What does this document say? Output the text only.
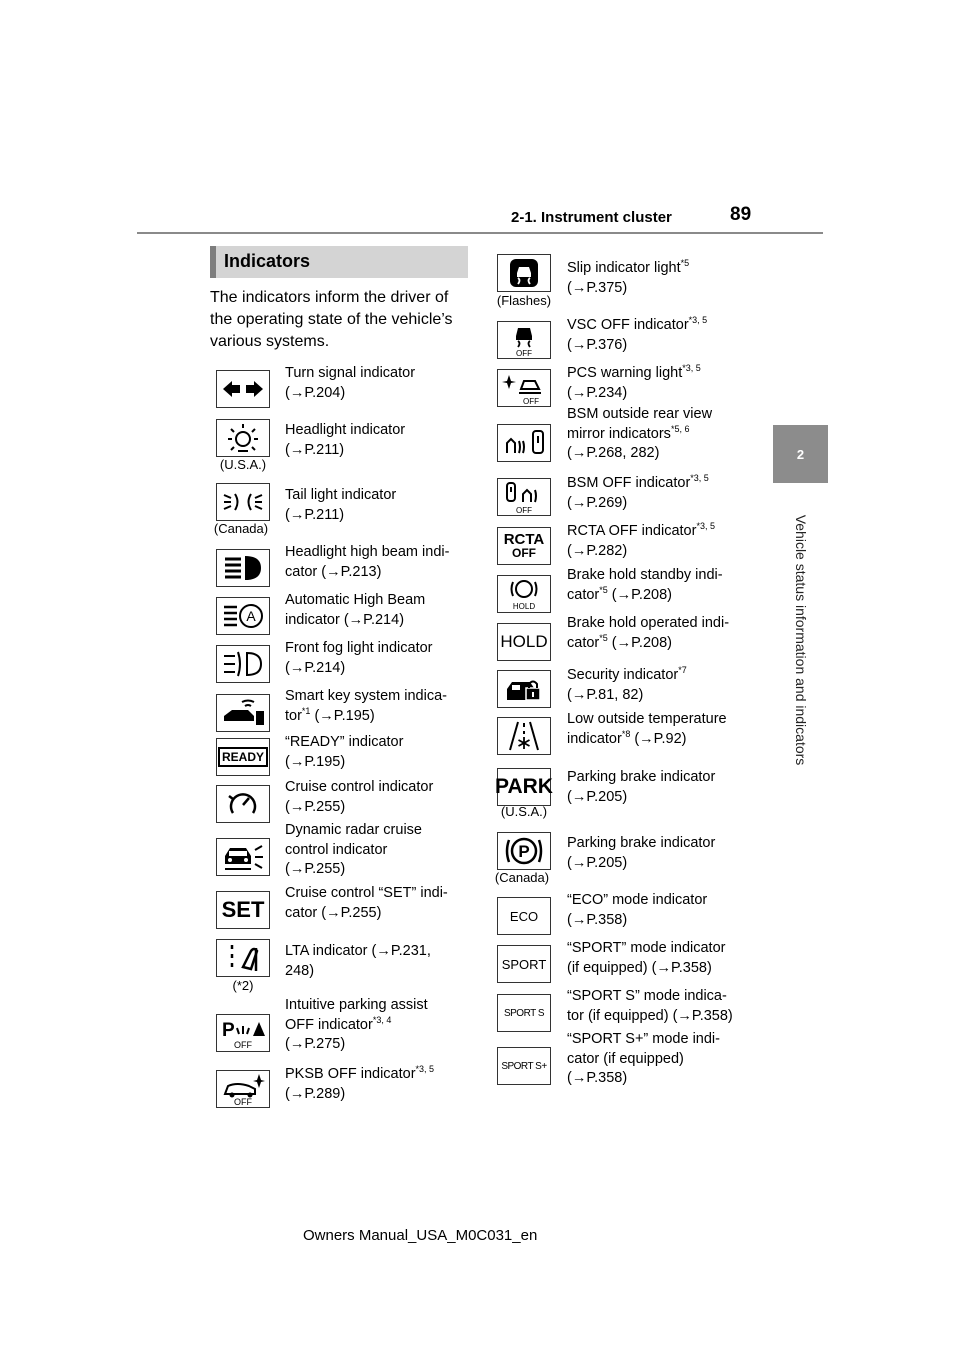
2-1. Instrument cluster	89
2
Vehicle status information and indicators
Indicators
The indicators inform the driver of the operating state of the vehicle’s various systems.
Turn signal indicator
(→P.204)
(U.S.A.)
Headlight indicator
(→P.211)
(Canada)
Tail light indicator
(→P.211)
Headlight high beam indi-
cator (→P.213)
A
Automatic High Beam
indicator (→P.214)
Front fog light indicator
(→P.214)
Smart key system indica-
tor$^{*1}$ (→P.195)
READY
“READY” indicator
(→P.195)
Cruise control indicator
(→P.255)
Dynamic radar cruise
control indicator
(→P.255)
SET
Cruise control “SET” indi-
cator (→P.255)
(*2)
LTA indicator (→P.231,
248)
P
OFF
Intuitive parking assist
OFF indicator$^{*3, 4}$
(→P.275)
OFF
PKSB OFF indicator$^{*3, 5}$
(→P.289)
(Flashes)
Slip indicator light$^{*5}$
(→P.375)
OFF
VSC OFF indicator$^{*3, 5}$
(→P.376)
OFF
PCS warning light$^{*3, 5}$
(→P.234)
BSM outside rear view
mirror indicators$^{*5, 6}$
(→P.268, 282)
OFF
BSM OFF indicator$^{*3, 5}$
(→P.269)
RCTA
OFF
RCTA OFF indicator$^{*3, 5}$
(→P.282)
HOLD
Brake hold standby indi-
cator$^{*5}$ (→P.208)
HOLD
Brake hold operated indi-
cator$^{*5}$ (→P.208)
Security indicator$^{*7}$
(→P.81, 82)
Low outside temperature
indicator$^{*8}$ (→P.92)
PARK
(U.S.A.)
Parking brake indicator
(→P.205)
P
(Canada)
Parking brake indicator
(→P.205)
ECO
“ECO” mode indicator
(→P.358)
SPORT
“SPORT” mode indicator
(if equipped) (→P.358)
SPORT S
“SPORT S” mode indica-
tor (if equipped) (→P.358)
SPORT S+
“SPORT S+” mode indi-
cator (if equipped)
(→P.358)
Owners Manual_USA_M0C031_en
